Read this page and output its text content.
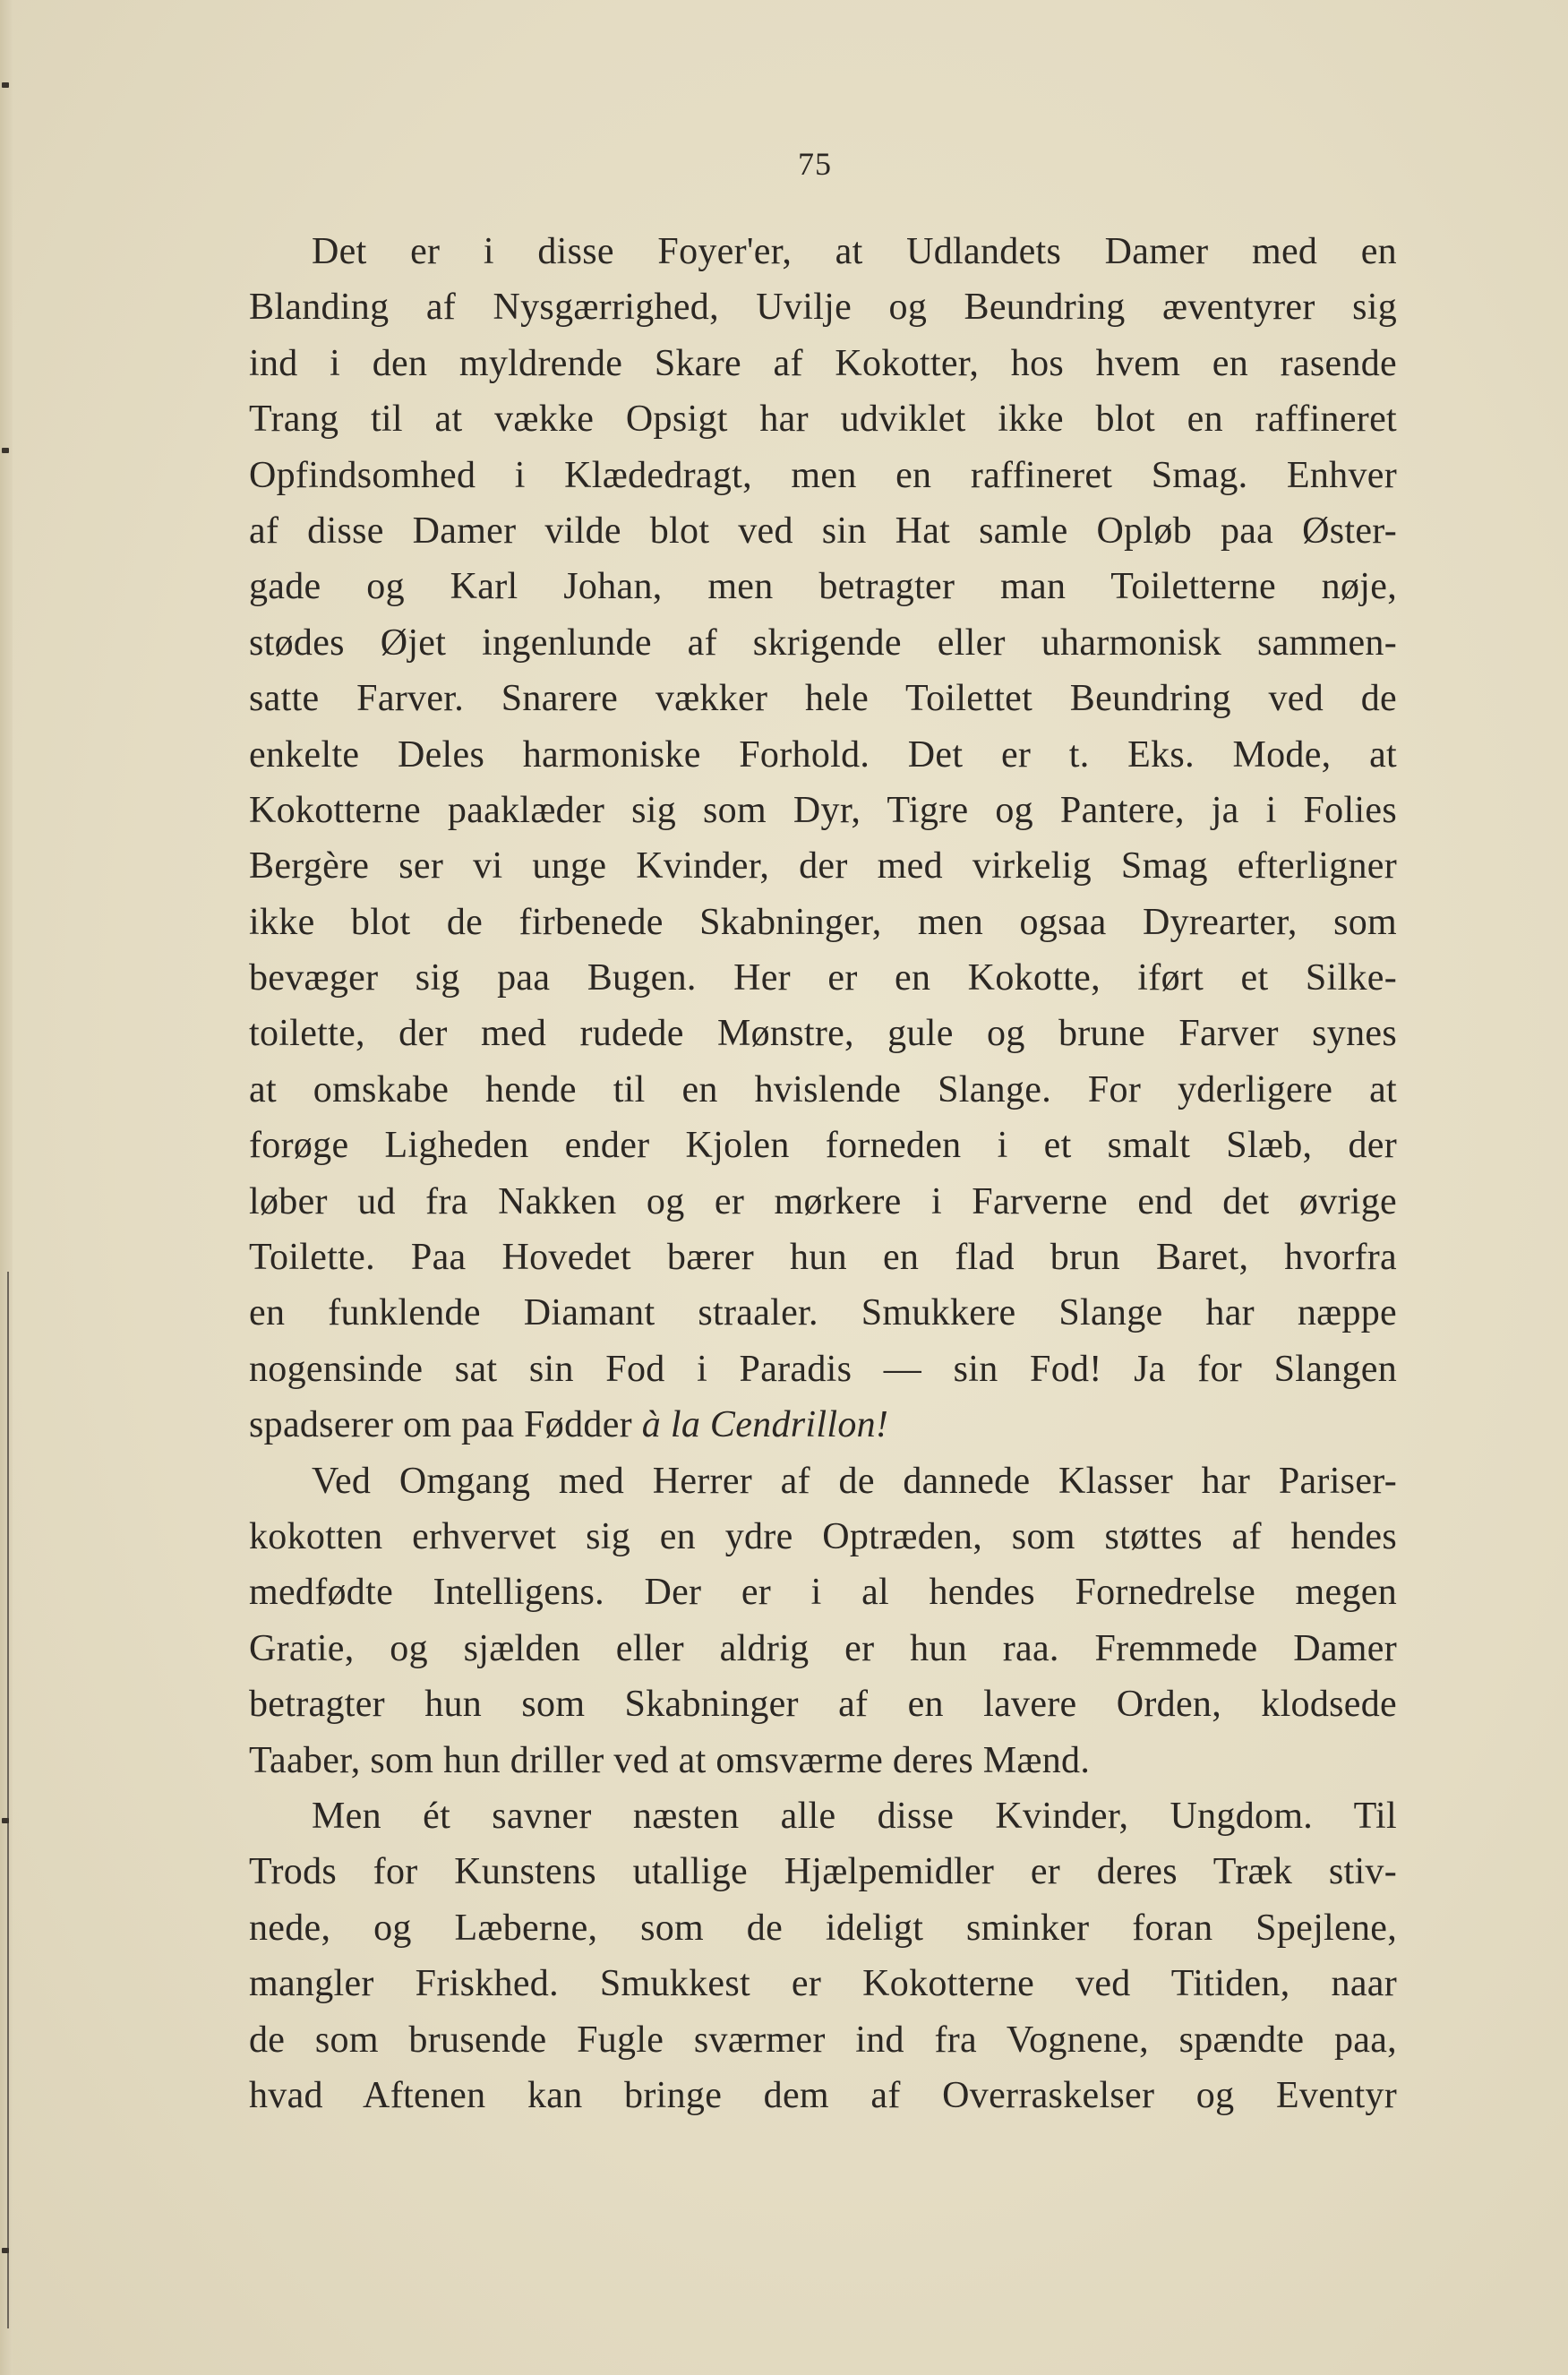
75
Det er i disse Foyer'er, at Udlandets Damer med en
Blanding af Nysgærrighed, Uvilje og Beundring æventyrer sig
ind i den myldrende Skare af Kokotter, hos hvem en rasende
Trang til at vække Opsigt har udviklet ikke blot en raffineret
Opfindsomhed i Klædedragt, men en raffineret Smag. Enhver
af disse Damer vilde blot ved sin Hat samle Opløb paa Øster-
gade og Karl Johan, men betragter man Toiletterne nøje,
stødes Øjet ingenlunde af skrigende eller uharmonisk sammen-
satte Farver. Snarere vækker hele Toilettet Beundring ved de
enkelte Deles harmoniske Forhold. Det er t. Eks. Mode, at
Kokotterne paaklæder sig som Dyr, Tigre og Pantere, ja i Folies
Bergère ser vi unge Kvinder, der med virkelig Smag efterligner
ikke blot de firbenede Skabninger, men ogsaa Dyrearter, som
bevæger sig paa Bugen. Her er en Kokotte, iført et Silke-
toilette, der med rudede Mønstre, gule og brune Farver synes
at omskabe hende til en hvislende Slange. For yderligere at
forøge Ligheden ender Kjolen forneden i et smalt Slæb, der
løber ud fra Nakken og er mørkere i Farverne end det øvrige
Toilette. Paa Hovedet bærer hun en flad brun Baret, hvorfra
en funklende Diamant straaler. Smukkere Slange har næppe
nogensinde sat sin Fod i Paradis — sin Fod! Ja for Slangen
spadserer om paa Fødder à la Cendrillon!
Ved Omgang med Herrer af de dannede Klasser har Pariser-
kokotten erhvervet sig en ydre Optræden, som støttes af hendes
medfødte Intelligens. Der er i al hendes Fornedrelse megen
Gratie, og sjælden eller aldrig er hun raa. Fremmede Damer
betragter hun som Skabninger af en lavere Orden, klodsede
Taaber, som hun driller ved at omsværme deres Mænd.
Men ét savner næsten alle disse Kvinder, Ungdom. Til
Trods for Kunstens utallige Hjælpemidler er deres Træk stiv-
nede, og Læberne, som de ideligt sminker foran Spejlene,
mangler Friskhed. Smukkest er Kokotterne ved Titiden, naar
de som brusende Fugle sværmer ind fra Vognene, spændte paa,
hvad Aftenen kan bringe dem af Overraskelser og Eventyr
